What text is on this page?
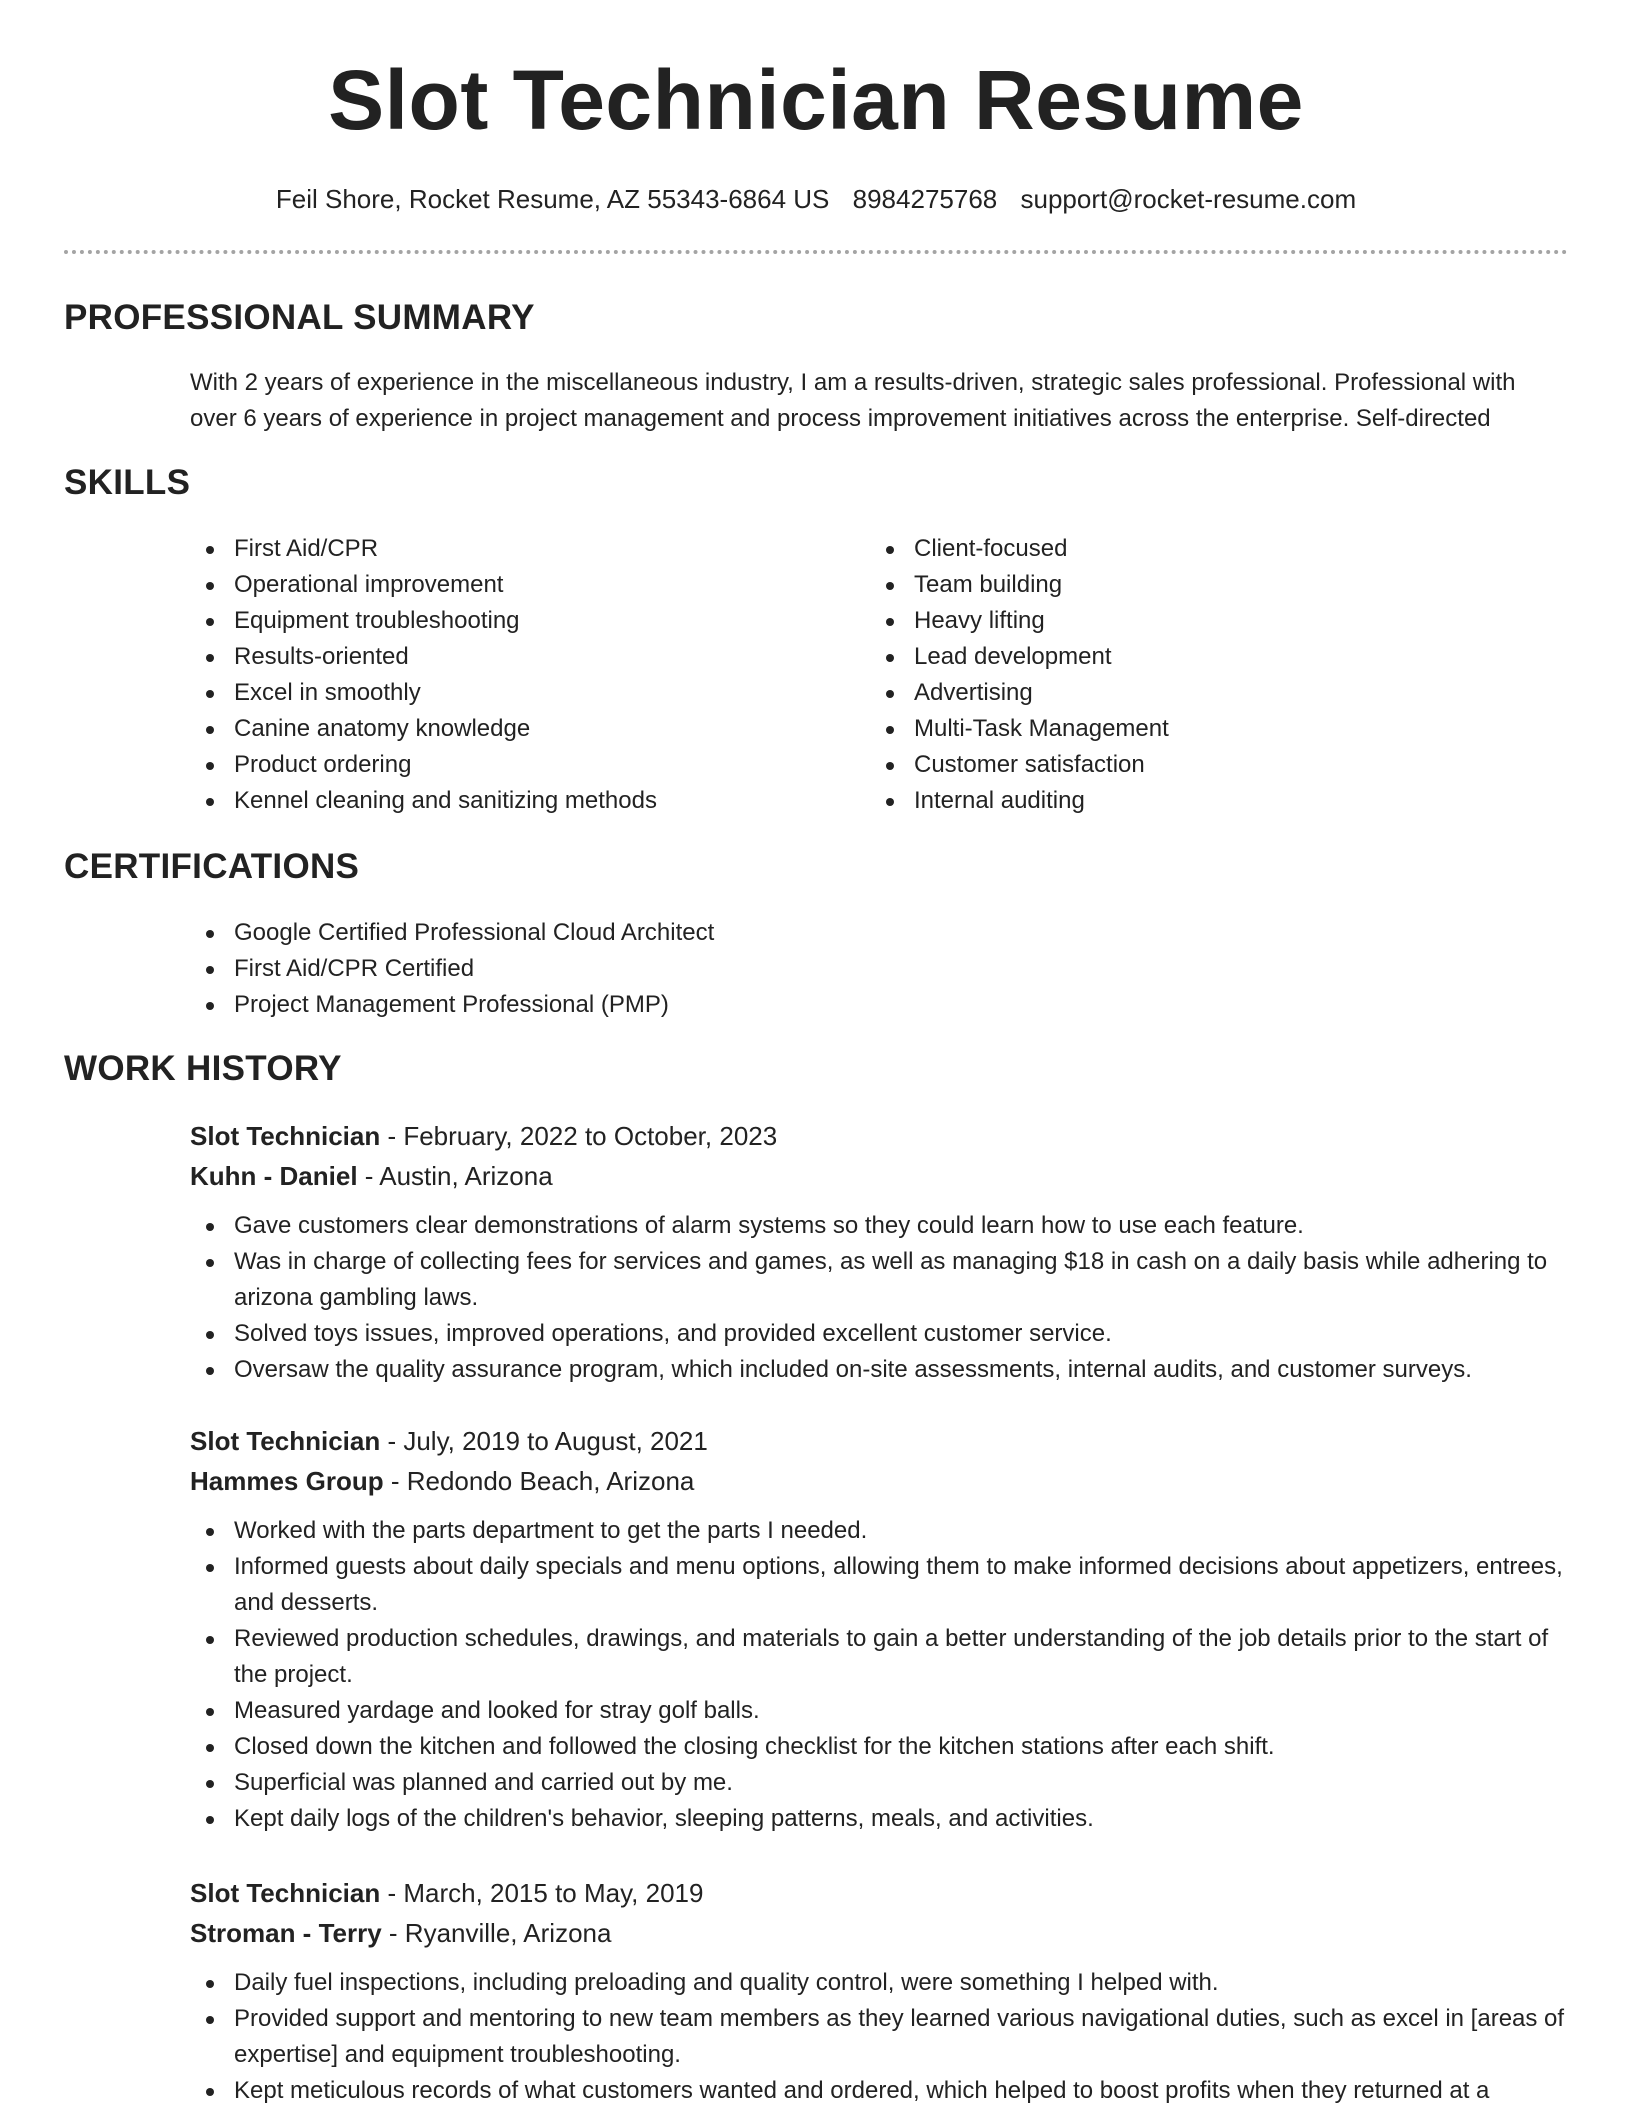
Slot Technician Resume
Feil Shore, Rocket Resume, AZ 55343-6864 US 8984275768 support@rocket-resume.com
PROFESSIONAL SUMMARY

With 2 years of experience in the miscellaneous industry, I am a results-driven, strategic sales professional. Professional with over 6 years of experience in project management and process improvement initiatives across the enterprise. Self-directed

SKILLS
First Aid/CPR
Operational improvement
Equipment troubleshooting
Results-oriented
Excel in smoothly
Canine anatomy knowledge
Product ordering
Kennel cleaning and sanitizing methods
Client-focused
Team building
Heavy lifting
Lead development
Advertising
Multi-Task Management
Customer satisfaction
Internal auditing
CERTIFICATIONS
Google Certified Professional Cloud Architect
First Aid/CPR Certified
Project Management Professional (PMP)
WORK HISTORY
Slot Technician - February, 2022 to October, 2023
Kuhn - Daniel - Austin, Arizona
Gave customers clear demonstrations of alarm systems so they could learn how to use each feature.
Was in charge of collecting fees for services and games, as well as managing $18 in cash on a daily basis while adhering to arizona gambling laws.
Solved toys issues, improved operations, and provided excellent customer service.
Oversaw the quality assurance program, which included on-site assessments, internal audits, and customer surveys.
Slot Technician - July, 2019 to August, 2021
Hammes Group - Redondo Beach, Arizona
Worked with the parts department to get the parts I needed.
Informed guests about daily specials and menu options, allowing them to make informed decisions about appetizers, entrees, and desserts.
Reviewed production schedules, drawings, and materials to gain a better understanding of the job details prior to the start of the project.
Measured yardage and looked for stray golf balls.
Closed down the kitchen and followed the closing checklist for the kitchen stations after each shift.
Superficial was planned and carried out by me.
Kept daily logs of the children's behavior, sleeping patterns, meals, and activities.
Slot Technician - March, 2015 to May, 2019
Stroman - Terry - Ryanville, Arizona
Daily fuel inspections, including preloading and quality control, were something I helped with.
Provided support and mentoring to new team members as they learned various navigational duties, such as excel in [areas of expertise] and equipment troubleshooting.
Kept meticulous records of what customers wanted and ordered, which helped to boost profits when they returned at a
